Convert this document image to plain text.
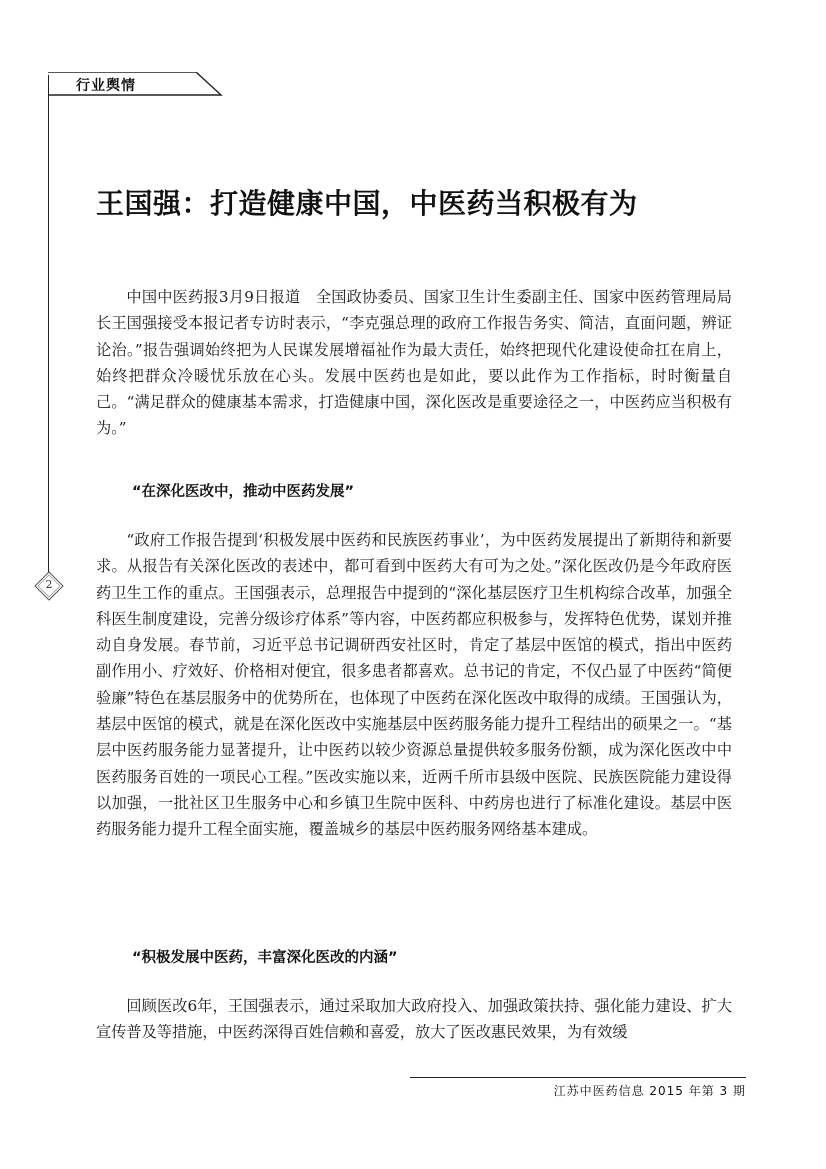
行业舆情
2
王国强：打造健康中国，中医药当积极有为

中国中医药报3月9日报道　全国政协委员、国家卫生计生委副主任、国家中医药管理局局长王国强接受本报记者专访时表示，“李克强总理的政府工作报告务实、简洁，直面问题，辨证论治。”报告强调始终把为人民谋发展增福祉作为最大责任，始终把现代化建设使命扛在肩上，始终把群众冷暖忧乐放在心头。发展中医药也是如此，要以此作为工作指标，时时衡量自己。“满足群众的健康基本需求，打造健康中国，深化医改是重要途径之一，中医药应当积极有为。”

“在深化医改中，推动中医药发展”

“政府工作报告提到‘积极发展中医药和民族医药事业’，为中医药发展提出了新期待和新要求。从报告有关深化医改的表述中，都可看到中医药大有可为之处。”深化医改仍是今年政府医药卫生工作的重点。王国强表示，总理报告中提到的“深化基层医疗卫生机构综合改革，加强全科医生制度建设，完善分级诊疗体系”等内容，中医药都应积极参与，发挥特色优势，谋划并推动自身发展。春节前，习近平总书记调研西安社区时，肯定了基层中医馆的模式，指出中医药副作用小、疗效好、价格相对便宜，很多患者都喜欢。总书记的肯定，不仅凸显了中医药“简便验廉”特色在基层服务中的优势所在，也体现了中医药在深化医改中取得的成绩。王国强认为，基层中医馆的模式，就是在深化医改中实施基层中医药服务能力提升工程结出的硕果之一。“基层中医药服务能力显著提升，让中医药以较少资源总量提供较多服务份额，成为深化医改中中医药服务百姓的一项民心工程。”医改实施以来，近两千所市县级中医院、民族医院能力建设得以加强，一批社区卫生服务中心和乡镇卫生院中医科、中药房也进行了标准化建设。基层中医药服务能力提升工程全面实施，覆盖城乡的基层中医药服务网络基本建成。

“积极发展中医药，丰富深化医改的内涵”

回顾医改6年，王国强表示，通过采取加大政府投入、加强政策扶持、强化能力建设、扩大宣传普及等措施，中医药深得百姓信赖和喜爱，放大了医改惠民效果，为有效缓

江苏中医药信息 2015 年第 3 期
